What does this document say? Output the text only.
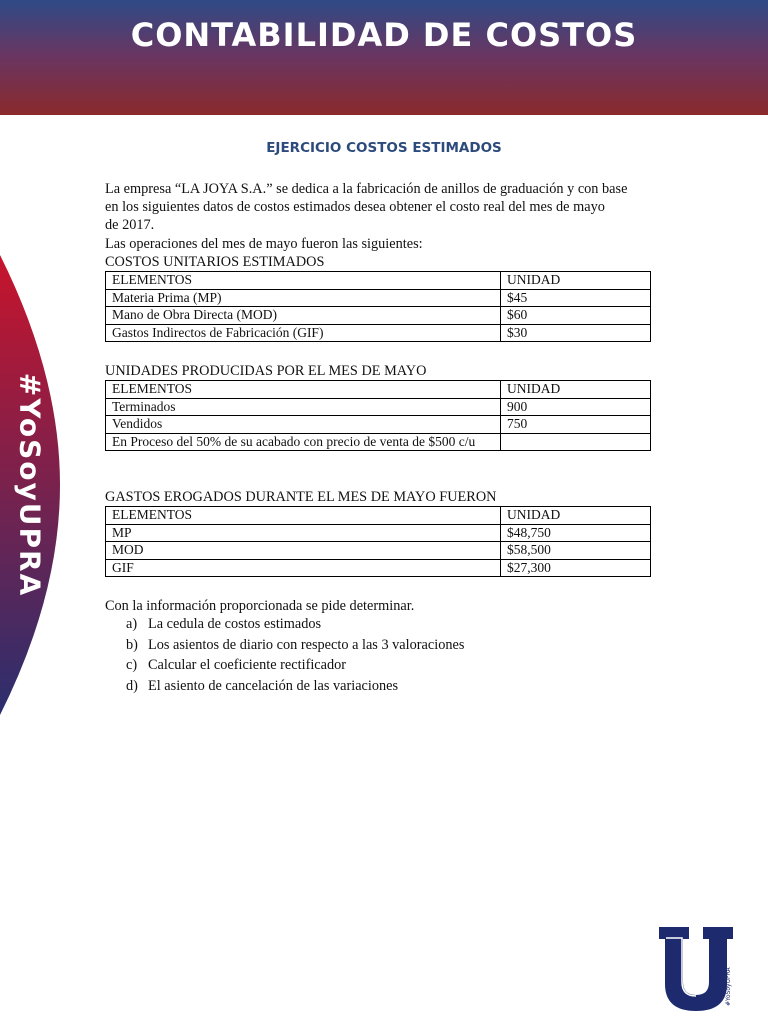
CONTABILIDAD DE COSTOS
#YoSoyUPRA
EJERCICIO COSTOS ESTIMADOS
La empresa “LA JOYA S.A.” se dedica a la fabricación de anillos de graduación y con base
en los siguientes datos de costos estimados desea obtener el costo real del mes de mayo
de 2017.
Las operaciones del mes de mayo fueron las siguientes:
COSTOS UNITARIOS ESTIMADOS
ELEMENTOS	UNIDAD
Materia Prima (MP)	$45
Mano de Obra Directa (MOD)	$60
Gastos Indirectos de Fabricación (GIF)	$30
UNIDADES PRODUCIDAS POR EL MES DE MAYO
ELEMENTOS	UNIDAD
Terminados	900
Vendidos	750
En Proceso del 50% de su acabado con precio de venta de $500 c/u	
GASTOS EROGADOS DURANTE EL MES DE MAYO FUERON
ELEMENTOS	UNIDAD
MP	$48,750
MOD	$58,500
GIF	$27,300
Con la información proporcionada se pide determinar.
a) La cedula de costos estimados
b) Los asientos de diario con respecto a las 3 valoraciones
c) Calcular el coeficiente rectificador
d) El asiento de cancelación de las variaciones
#YoSoyUPRA
